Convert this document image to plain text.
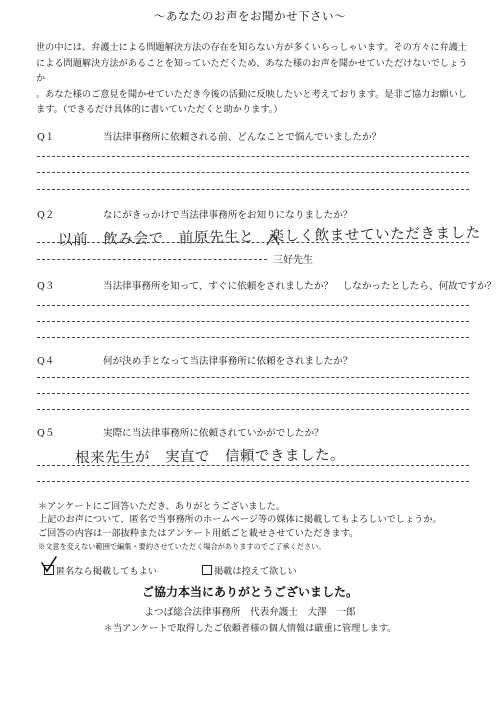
～あなたのお声をお聞かせ下さい～

世の中には、弁護士による問題解決方法の存在を知らない方が多くいらっしゃいます。その方々に弁護士

による問題解決方法があることを知っていただくため、あなた様のお声を聞かせていただけないでしょうか

。あなた様のご意見を聞かせていただき今後の活動に反映したいと考えております。是非ご協力お願いし

ます。（できるだけ具体的に書いていただくと助かります。）

Q１	当法律事務所に依頼される前、どんなことで悩んでいましたか？
Q２	なにがきっかけで当法律事務所をお知りになりましたか？
以前　飲み会で　前原先生と　楽しく飲ませていただきました
三好先生
Q３	当法律事務所を知って、すぐに依頼をされましたか？　しなかったとしたら、何故ですか？
Q４	何が決め手となって当法律事務所に依頼をされましたか？
Q５	実際に当法律事務所に依頼されていかがでしたか？
根来先生が　実直で　信頼できました。

＊アンケートにご回答いただき、ありがとうございました。

上記のお声について、匿名で当事務所のホームページ等の媒体に掲載してもよろしいでしょうか。

ご回答の内容は一部抜粋またはアンケート用紙ごと載せさせていただきます。

※文意を変えない範囲で編集・要約させていただく場合がありますのでご了承ください。

匿名なら掲載してもよい	掲載は控えて欲しい
ご協力本当にありがとうございました。
よつば総合法律事務所　代表弁護士　大澤　一郎
＊当アンケートで取得したご依頼者様の個人情報は厳重に管理します。
